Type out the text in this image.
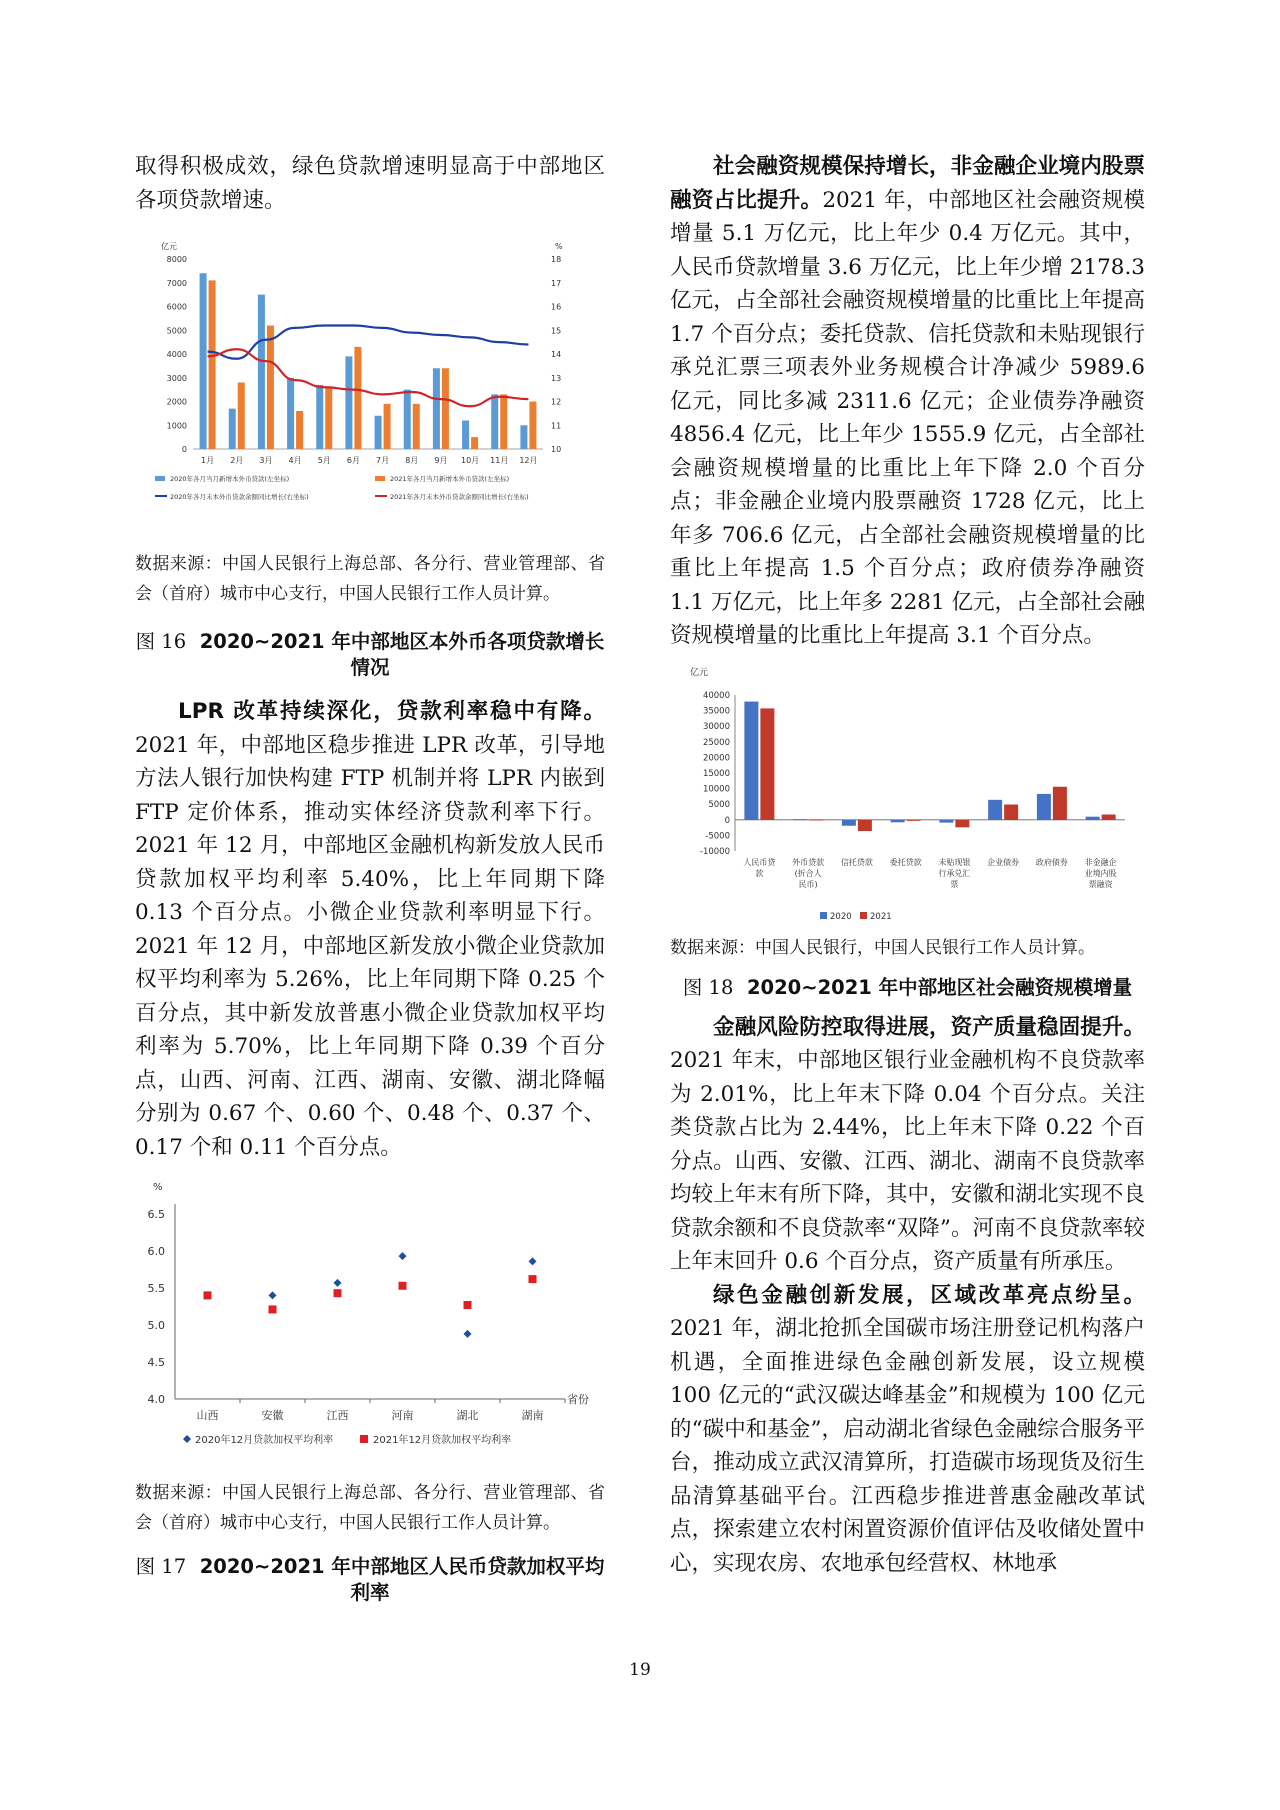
取得积极成效，绿色贷款增速明显高于中部地区各项贷款增速。

亿元	%
0
1000
2000
3000
4000
5000
6000
7000
8000
10
11
12
13
14
15
16
17
18
1月 2月 3月 4月 5月 6月 7月 8月 9月 10月 11月 12月
2020年各月当月新增本外币贷款(左坐标)	2021年各月当月新增本外币贷款(左坐标)
2020年各月末本外币贷款余额同比增长(右坐标)	2021年各月末本外币贷款余额同比增长(右坐标)

数据来源：中国人民银行上海总部、各分行、营业管理部、省会（首府）城市中心支行，中国人民银行工作人员计算。

图 16 2020~2021 年中部地区本外币各项贷款增长情况

LPR 改革持续深化，贷款利率稳中有降。2021 年，中部地区稳步推进 LPR 改革，引导地方法人银行加快构建 FTP 机制并将 LPR 内嵌到 FTP 定价体系，推动实体经济贷款利率下行。2021 年 12 月，中部地区金融机构新发放人民币贷款加权平均利率 5.40%，比上年同期下降 0.13 个百分点。小微企业贷款利率明显下行。2021 年 12 月，中部地区新发放小微企业贷款加权平均利率为 5.26%，比上年同期下降 0.25 个百分点，其中新发放普惠小微企业贷款加权平均利率为 5.70%，比上年同期下降 0.39 个百分点，山西、河南、江西、湖南、安徽、湖北降幅分别为 0.67 个、0.60 个、0.48 个、0.37 个、0.17 个和 0.11 个百分点。

%
4.0
4.5
5.0
5.5
6.0
6.5
省份
山西	安徽	江西	河南	湖北	湖南
2020年12月贷款加权平均利率	2021年12月贷款加权平均利率

数据来源：中国人民银行上海总部、各分行、营业管理部、省会（首府）城市中心支行，中国人民银行工作人员计算。

图 17 2020~2021 年中部地区人民币贷款加权平均利率

社会融资规模保持增长，非金融企业境内股票融资占比提升。2021 年，中部地区社会融资规模增量 5.1 万亿元，比上年少 0.4 万亿元。其中，人民币贷款增量 3.6 万亿元，比上年少增 2178.3 亿元，占全部社会融资规模增量的比重比上年提高 1.7 个百分点；委托贷款、信托贷款和未贴现银行承兑汇票三项表外业务规模合计净减少 5989.6 亿元，同比多减 2311.6 亿元；企业债券净融资 4856.4 亿元，比上年少 1555.9 亿元，占全部社会融资规模增量的比重比上年下降 2.0 个百分点；非金融企业境内股票融资 1728 亿元，比上年多 706.6 亿元，占全部社会融资规模增量的比重比上年提高 1.5 个百分点；政府债券净融资 1.1 万亿元，比上年多 2281 亿元，占全部社会融资规模增量的比重比上年提高 3.1 个百分点。

亿元
-10000
-5000
0
5000
10000
15000
20000
25000
30000
35000
40000
人民币贷
款
外币贷款
(折合人
民币)
信托贷款 委托贷款 未贴现银
行承兑汇
票
企业债券 政府债券 非金融企
业境内股
票融资
2020 2021

数据来源：中国人民银行，中国人民银行工作人员计算。

图 18 2020~2021 年中部地区社会融资规模增量

金融风险防控取得进展，资产质量稳固提升。2021 年末，中部地区银行业金融机构不良贷款率为 2.01%，比上年末下降 0.04 个百分点。关注类贷款占比为 2.44%，比上年末下降 0.22 个百分点。山西、安徽、江西、湖北、湖南不良贷款率均较上年末有所下降，其中，安徽和湖北实现不良贷款余额和不良贷款率“双降”。河南不良贷款率较上年末回升 0.6 个百分点，资产质量有所承压。

绿色金融创新发展，区域改革亮点纷呈。2021 年，湖北抢抓全国碳市场注册登记机构落户机遇，全面推进绿色金融创新发展，设立规模 100 亿元的“武汉碳达峰基金”和规模为 100 亿元的“碳中和基金”，启动湖北省绿色金融综合服务平台，推动成立武汉清算所，打造碳市场现货及衍生品清算基础平台。江西稳步推进普惠金融改革试点，探索建立农村闲置资源价值评估及收储处置中心，实现农房、农地承包经营权、林地承

19
